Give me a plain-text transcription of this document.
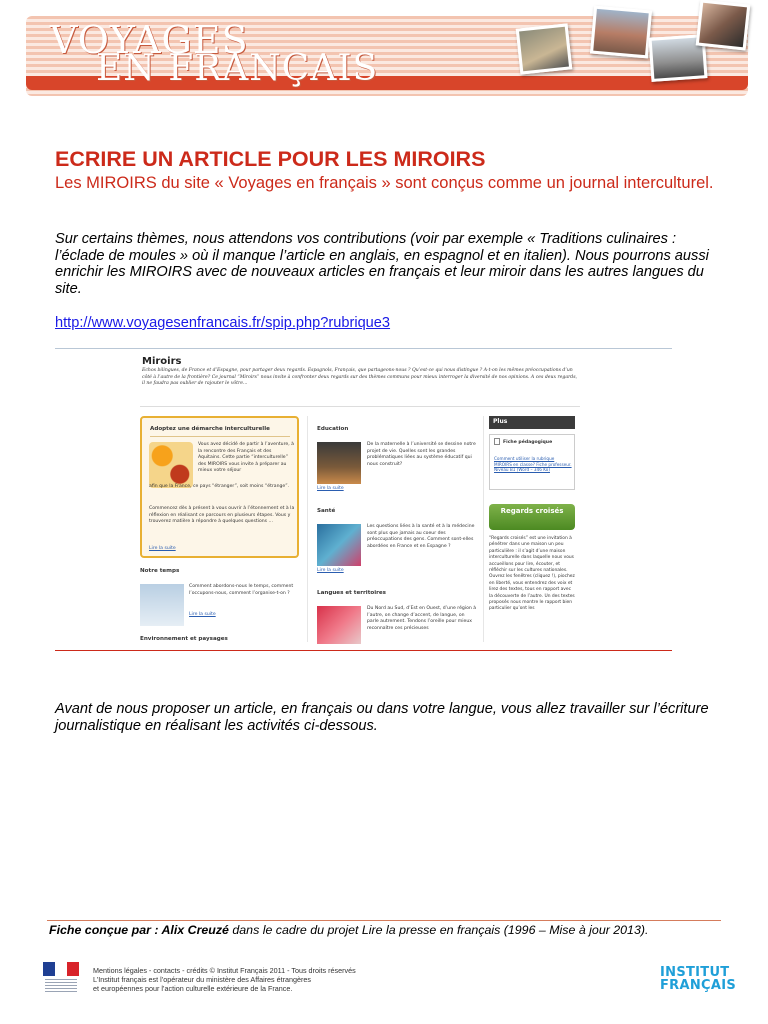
VOYAGES
EN FRANÇAIS
ECRIRE UN ARTICLE POUR LES MIROIRS
Les MIROIRS du site « Voyages en français » sont conçus comme un journal interculturel.
Sur certains thèmes, nous attendons vos contributions (voir par exemple « Traditions culinaires : l’éclade de moules » où il manque l’article en anglais, en espagnol et en italien). Nous pourrons aussi enrichir les MIROIRS avec de nouveaux articles en français et leur miroir dans les autres langues du site.
http://www.voyagesenfrancais.fr/spip.php?rubrique3
Miroirs
Echos bilingues, de France et d’Espagne, pour partager deux regards. Espagnols, Français, que partageons-nous ? Qu’est-ce qui nous distingue ? A-t-on les mêmes préoccupations d’un côté à l’autre de la frontière? Ce journal “Miroirs” nous invite à confronter deux regards sur des thèmes communs pour mieux interroger la diversité de nos opinions. A ces deux regards, il ne faudra pas oublier de rajouter le vôtre…
Adoptez une démarche interculturelle
Vous avez décidé de partir à l’aventure, à la rencontre des Français et des Aquitains. Cette partie “interculturelle” des MIROIRS vous invite à préparer au mieux votre séjour
afin que la France, ce pays “étranger”, soit moins “étrange”.
Commencez dès à présent à vous ouvrir à l’étonnement et à la réflexion en réalisant ce parcours en plusieurs étapes. Vous y trouverez matière à répondre à quelques questions ...
Lire la suite
Notre temps
Comment abordons-nous le temps, comment l’occupons-nous, comment l’organise-t-on ?
Lire la suite
Environnement et paysages
Education
De la maternelle à l’université se dessine notre projet de vie. Quelles sont les grandes problématiques liées au système éducatif qui nous construit?
Lire la suite
Santé
Les questions liées à la santé et à la médecine sont plus que jamais au coeur des préoccupations des gens. Comment sont-elles abordées en France et en Espagne ?
Lire la suite
Langues et territoires
Du Nord au Sud, d’Est en Ouest, d’une région à l’autre, on change d’accent, de langue, on parle autrement. Tendons l’oreille pour mieux reconnaître ces précieuses
Plus
Fiche pédagogique
Comment utiliser la rubrique MIROIRS en classe? Fiche professeur. Niveau B1 (Word – 346 Ko)
Regards croisés
“Regards croisés” est une invitation à pénétrer dans une maison un peu particulière : il s’agit d’une maison interculturelle dans laquelle nous vous accueillons pour lire, écouter, et réfléchir sur les cultures nationales. Ouvrez les fenêtres (cliquez !), piochez en liberté, vous entendrez des voix et lirez des textes, tous en rapport avec la découverte de l’autre. Un des textes proposés nous montre le rapport bien particulier qu’ont les
Avant de nous proposer un article, en français ou dans votre langue, vous allez travailler sur l’écriture journalistique en réalisant les activités ci-dessous.
Fiche conçue par : Alix Creuzé dans le cadre du projet Lire la presse en français (1996 – Mise à jour 2013).
Mentions légales - contacts - crédits © Institut Français 2011 - Tous droits réservés
L’Institut français est l’opérateur du ministère des Affaires étrangères
et européennes pour l’action culturelle extérieure de la France.
INSTITUT
FRANÇAIS
